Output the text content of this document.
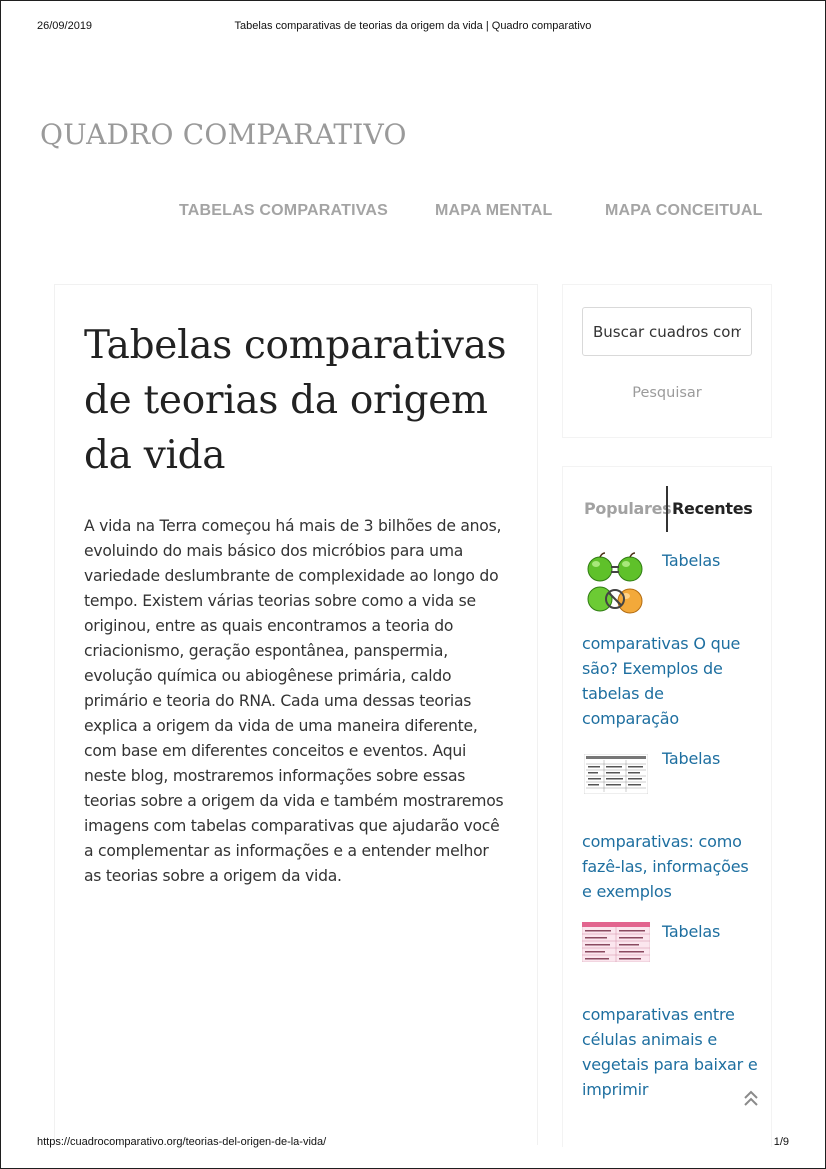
26/09/2019	Tabelas comparativas de teorias da origem da vida | Quadro comparativo
QUADRO COMPARATIVO
TABELAS COMPARATIVAS	MAPA MENTAL	MAPA CONCEITUAL
Tabelas comparativas de teorias da origem da vida

A vida na Terra começou há mais de 3 bilhões de anos, evoluindo do mais básico dos micróbios para uma variedade deslumbrante de complexidade ao longo do tempo. Existem várias teorias sobre como a vida se originou, entre as quais encontramos a teoria do criacionismo, geração espontânea, panspermia, evolução química ou abiogênese primária, caldo primário e teoria do RNA. Cada uma dessas teorias explica a origem da vida de uma maneira diferente, com base em diferentes conceitos e eventos. Aqui neste blog, mostraremos informações sobre essas teorias sobre a origem da vida e também mostraremos imagens com tabelas comparativas que ajudarão você a complementar as informações e a entender melhor as teorias sobre a origem da vida.

Buscar cuadros compa
Pesquisar
Populares Recentes
Tabelas
comparativas O que são? Exemplos de tabelas de comparação
Tabelas
comparativas: como fazê-las, informações e exemplos
Tabelas
comparativas entre células animais e vegetais para baixar e imprimir
https://cuadrocomparativo.org/teorias-del-origen-de-la-vida/	1/9
